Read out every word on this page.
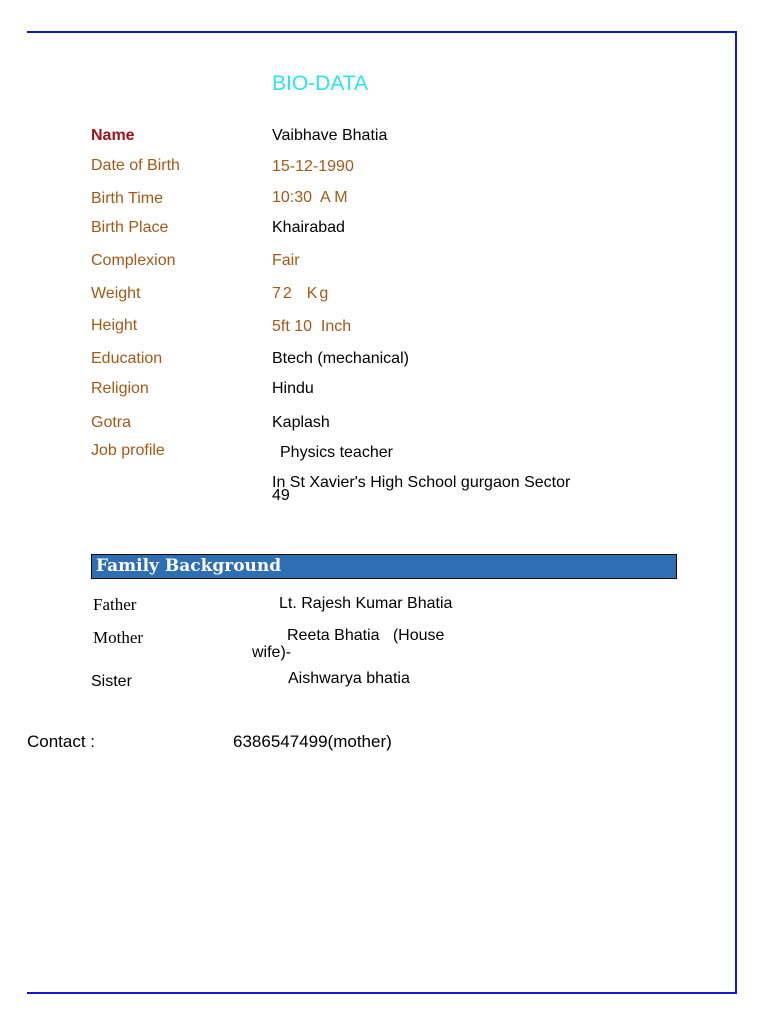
BIO-DATA
Name	Vaibhave Bhatia
Date of Birth	15-12-1990
Birth Time	10:30  A M
Birth Place	Khairabad
Complexion	Fair
Weight	72  Kg
Height	5ft 10  Inch
Education	Btech (mechanical)
Religion	Hindu
Gotra	Kaplash
Job profile	Physics teacher
In St Xavier's High School gurgaon Sector
49
Family Background
Father	Lt. Rajesh Kumar Bhatia
Mother	Reeta Bhatia   (House
wife)-
Sister	Aishwarya bhatia
Contact :	6386547499(mother)
